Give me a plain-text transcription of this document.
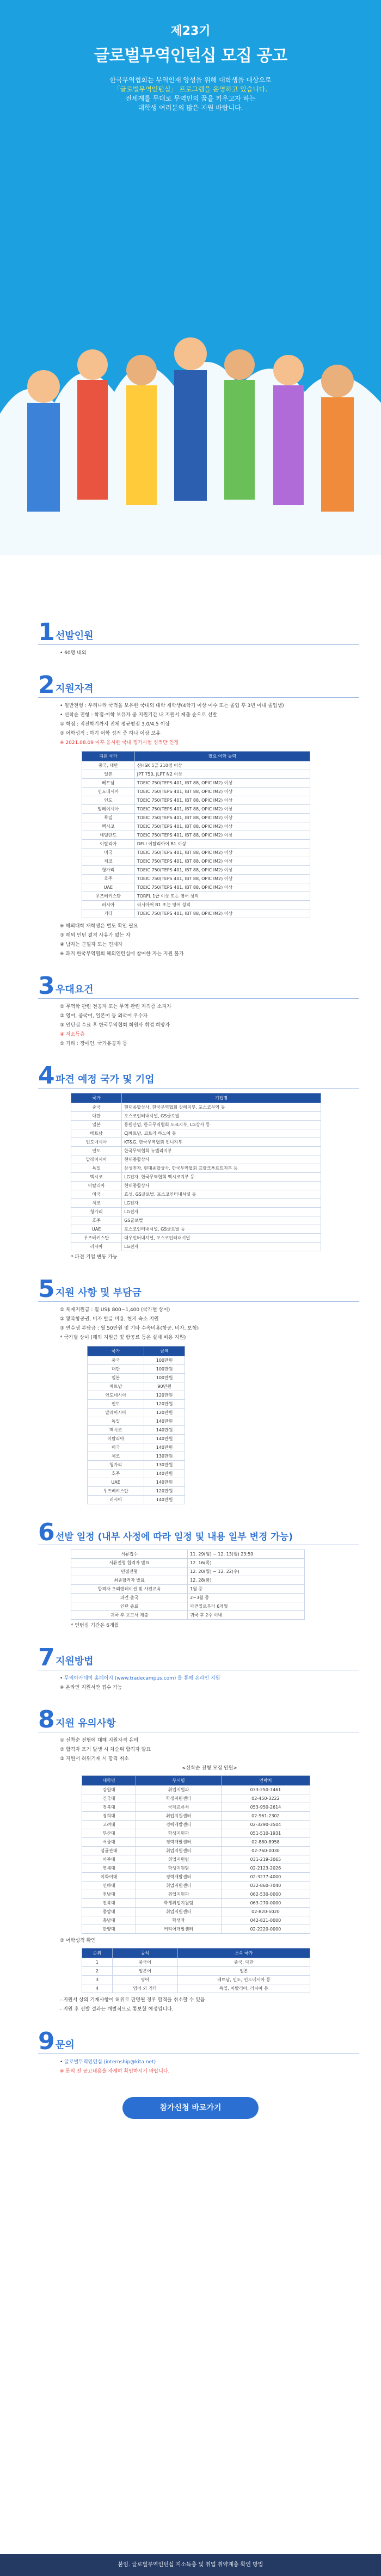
제23기
글로벌무역인턴십 모집 공고
한국무역협회는 무역인재 양성을 위해 대학생을 대상으로
「글로벌무역인턴십」 프로그램을 운영하고 있습니다.
전세계를 무대로 무역인의 꿈을 키우고자 하는
대학생 여러분의 많은 지원 바랍니다.
1 선발인원
• 60명 내외
2 지원자격
• 일반전형 : 우리나라 국적을 보유한 국내외 대학 재학생(4학기 이상 이수 또는 졸업 후 3년 이내 졸업생)
• 선착순 전형 : 학점·어학 보유자 중 지원기간 내 지원서 제출 순으로 선발
① 학점 : 직전학기까지 전체 평균평점 3.0/4.5 이상
② 어학성적 : 하기 어학 성적 중 하나 이상 보유
※ 2021.08.09 이후 응시한 국내 정기시험 성적만 인정
지원 국가	필요 어학 능력
중국, 대만	신HSK 5급 210점 이상
일본	JPT 750, JLPT N2 이상
베트남	TOEIC 750(TEPS 401, IBT 88, OPIC IM2) 이상
인도네시아	TOEIC 750(TEPS 401, IBT 88, OPIC IM2) 이상
인도	TOEIC 750(TEPS 401, IBT 88, OPIC IM2) 이상
말레이시아	TOEIC 750(TEPS 401, IBT 88, OPIC IM2) 이상
독일	TOEIC 750(TEPS 401, IBT 88, OPIC IM2) 이상
멕시코	TOEIC 750(TEPS 401, IBT 88, OPIC IM2) 이상
네덜란드	TOEIC 750(TEPS 401, IBT 88, OPIC IM2) 이상
이탈리아	DELI 이탈리아어 B1 이상
미국	TOEIC 750(TEPS 401, IBT 88, OPIC IM2) 이상
체코	TOEIC 750(TEPS 401, IBT 88, OPIC IM2) 이상
헝가리	TOEIC 750(TEPS 401, IBT 88, OPIC IM2) 이상
호주	TOEIC 750(TEPS 401, IBT 88, OPIC IM2) 이상
UAE	TOEIC 750(TEPS 401, IBT 88, OPIC IM2) 이상
우즈베키스탄	TORFL 1급 이상 또는 영어 성적
러시아	러시아어 B1 또는 영어 성적
기타	TOEIC 750(TEPS 401, IBT 88, OPIC IM2) 이상
※ 해외대학 재학생은 별도 확인 필요
③ 해외 인턴 결격 사유가 없는 자
④ 남자는 군필자 또는 면제자
※ 과거 한국무역협회 해외인턴십에 참여한 자는 지원 불가
3 우대요건
① 무역학 관련 전공자 또는 무역 관련 자격증 소지자
② 영어, 중국어, 일본어 등 외국어 우수자
③ 인턴십 수료 후 한국무역협회 회원사 취업 희망자
④ 저소득층
⑤ 기타 : 장애인, 국가유공자 등
4 파견 예정 국가 및 기업
국가	기업명
중국	현대종합상사, 한국무역협회 상해지부, 포스코무역 등
대만	포스코인터내셔널, GS글로벌
일본	동원산업, 한국무역협회 도쿄지부, LG상사 등
베트남	CJ베트남, 코트라 하노이 등
인도네시아	KT&G, 한국무역협회 인니지부
인도	한국무역협회 뉴델리지부
말레이시아	현대종합상사
독일	삼성전자, 현대종합상사, 한국무역협회 프랑크푸르트지부 등
멕시코	LG전자, 한국무역협회 멕시코지부 등
이탈리아	현대종합상사
미국	효성, GS글로벌, 포스코인터내셔널 등
체코	LG전자
헝가리	LG전자
호주	GS글로벌
UAE	포스코인터내셔널, GS글로벌 등
우즈베키스탄	대우인터내셔널, 포스코인터내셔널
러시아	LG전자
* 파견 기업 변동 가능
5 지원 사항 및 부담금
① 체재지원금 : 월 US$ 800~1,400 (국가별 상이)
② 왕복항공권, 비자 발급 비용, 현지 숙소 지원
③ 연수생 부담금 : 월 50만원 및 기타 수속비용(항공, 비자, 보험)
* 국가별 상이 (해외 지원금 및 항공료 등은 실제 비용 지원)
국가	금액
중국	100만원
대만	100만원
일본	100만원
베트남	90만원
인도네시아	120만원
인도	120만원
말레이시아	120만원
독일	140만원
멕시코	140만원
이탈리아	140만원
미국	140만원
체코	130만원
헝가리	130만원
호주	140만원
UAE	140만원
우즈베키스탄	120만원
러시아	140만원
6 선발 일정 (내부 사정에 따라 일정 및 내용 일부 변경 가능)
서류접수	11. 29(월) ~ 12. 13(월) 23:59
서류전형 합격자 발표	12. 16(목)
면접전형	12. 20(월) ~ 12. 22(수)
최종합격자 발표	12. 28(화)
합격자 오리엔테이션 및 사전교육	1월 중
파견 출국	2~3월 중
인턴 종료	파견일로부터 6개월
귀국 후 보고서 제출	귀국 후 2주 이내
* 인턴십 기간은 6개월
7 지원방법
• 무역아카데미 홈페이지 (www.tradecampus.com) 를 통해 온라인 지원
※ 온라인 지원서만 접수 가능
8 지원 유의사항
① 선착순 전형에 대해 지원자격 유의
② 합격자 포기 발생 시 차순위 합격자 발표
③ 지원서 허위기재 시 합격 취소
<선착순 전형 모집 인원>
대학명	부서명	연락처
강원대	취업지원과	033-250-7461
건국대	학생지원센터	02-450-3222
경북대	국제교류처	053-950-2614
경희대	취업지원센터	02-961-2302
고려대	경력개발센터	02-3290-3504
부산대	학생지원과	051-510-1931
서울대	경력개발센터	02-880-8958
성균관대	취업지원센터	02-760-0030
아주대	취업지원팀	031-219-3065
연세대	학생지원팀	02-2123-2026
이화여대	경력개발센터	02-3277-4000
인하대	취업지원센터	032-860-7040
전남대	취업지원과	062-530-0000
전북대	학생취업지원팀	063-270-0000
중앙대	취업지원센터	02-820-5020
충남대	학생과	042-821-0000
한양대	커리어개발센터	02-2220-0000
② 어학성적 확인
순위	공석	소속 국가
1	중국어	중국, 대만
2	일본어	일본
3	영어	베트남, 인도, 인도네시아 등
4	영어 외 기타	독일, 이탈리아, 러시아 등
- 지원서 상의 기재사항이 허위로 판명될 경우 합격을 취소할 수 있음
- 지원 후 선발 결과는 개별적으로 통보할 예정입니다.
9 문의
• 글로벌무역인턴십 (internship@kita.net)
※ 문의 전 공고내용을 자세히 확인하시기 바랍니다.
참가신청 바로가기
붙임. 글로벌무역인턴십 지소득층 및 취업 취약계층 확인 방법
